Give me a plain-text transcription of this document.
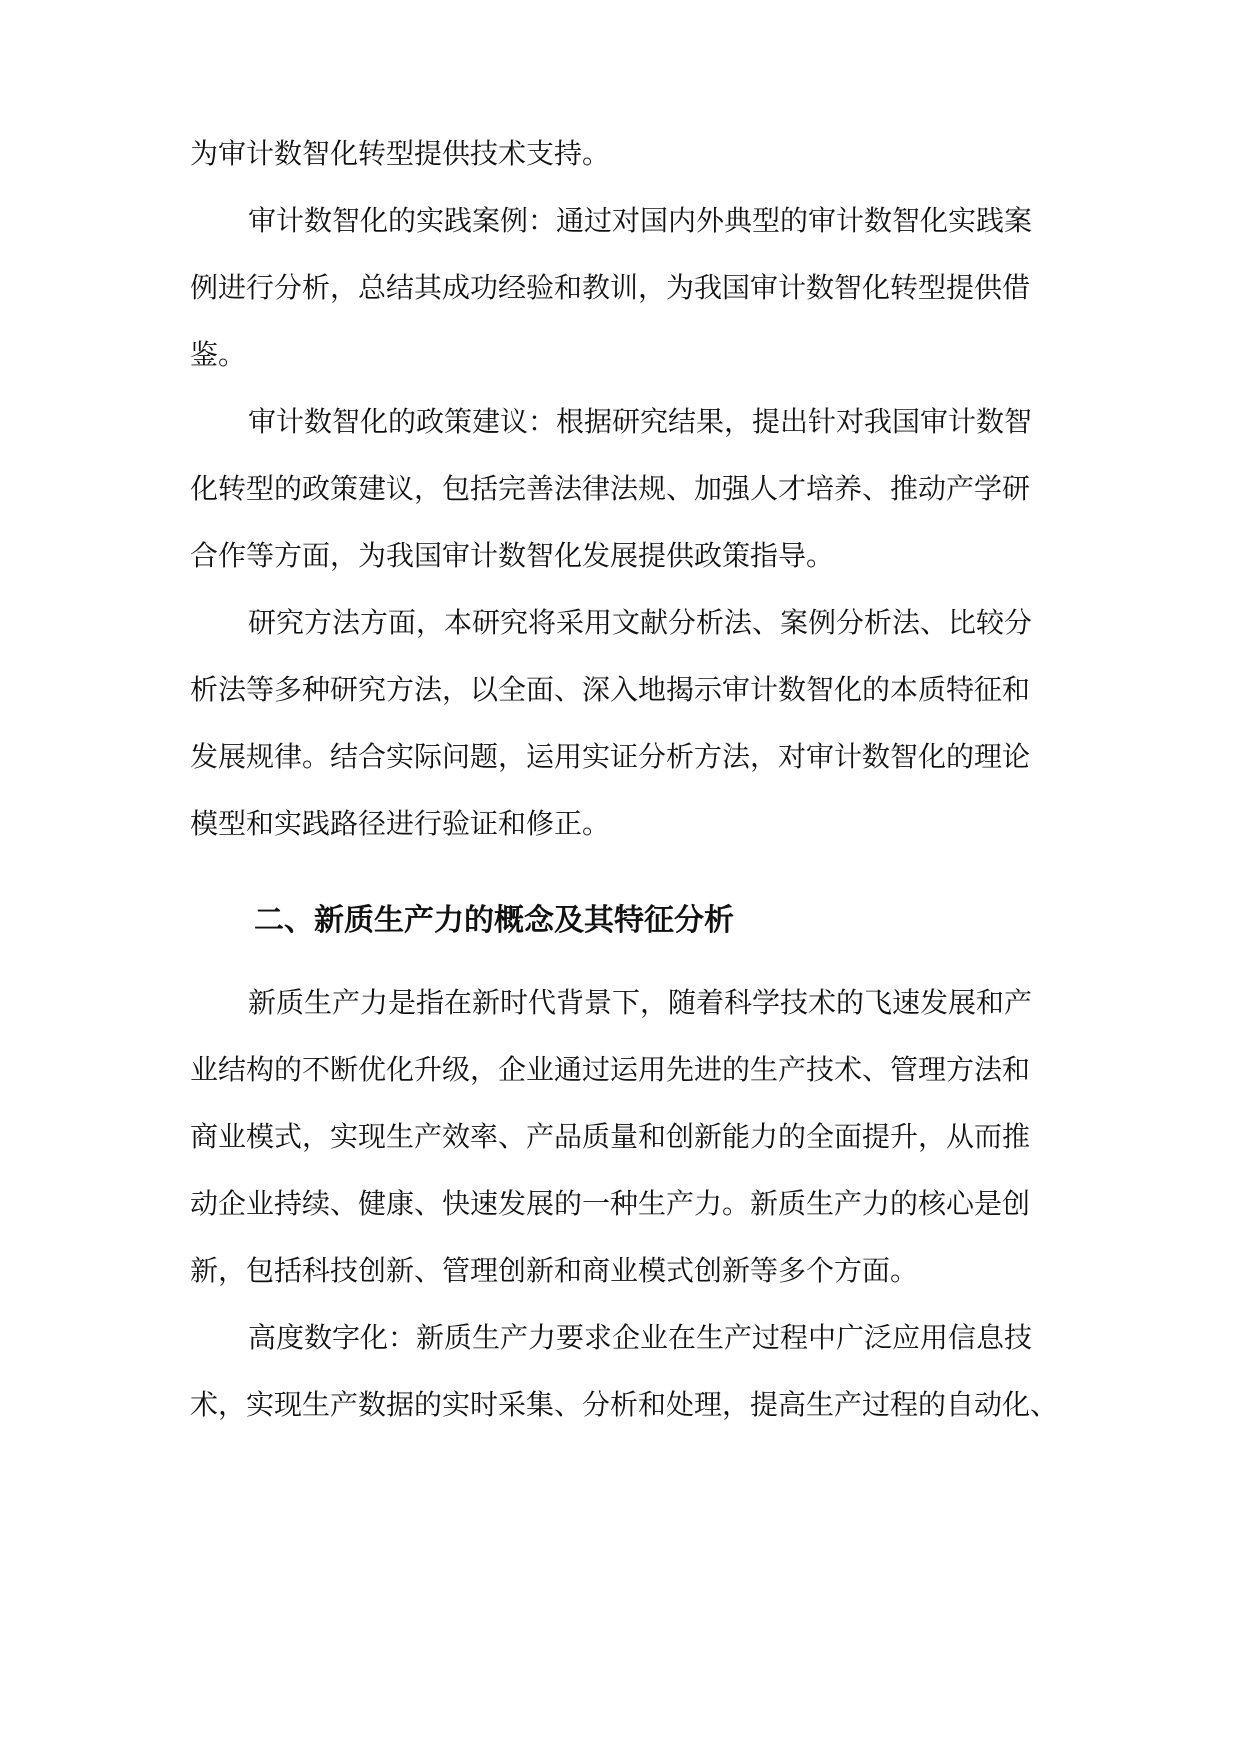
为审计数智化转型提供技术支持。

审计数智化的实践案例：通过对国内外典型的审计数智化实践案

例进行分析，总结其成功经验和教训，为我国审计数智化转型提供借

鉴。

审计数智化的政策建议：根据研究结果，提出针对我国审计数智

化转型的政策建议，包括完善法律法规、加强人才培养、推动产学研

合作等方面，为我国审计数智化发展提供政策指导。

研究方法方面，本研究将采用文献分析法、案例分析法、比较分

析法等多种研究方法，以全面、深入地揭示审计数智化的本质特征和

发展规律。结合实际问题，运用实证分析方法，对审计数智化的理论

模型和实践路径进行验证和修正。

二、新质生产力的概念及其特征分析

新质生产力是指在新时代背景下，随着科学技术的飞速发展和产

业结构的不断优化升级，企业通过运用先进的生产技术、管理方法和

商业模式，实现生产效率、产品质量和创新能力的全面提升，从而推

动企业持续、健康、快速发展的一种生产力。新质生产力的核心是创

新，包括科技创新、管理创新和商业模式创新等多个方面。

高度数字化：新质生产力要求企业在生产过程中广泛应用信息技

术，实现生产数据的实时采集、分析和处理，提高生产过程的自动化、
